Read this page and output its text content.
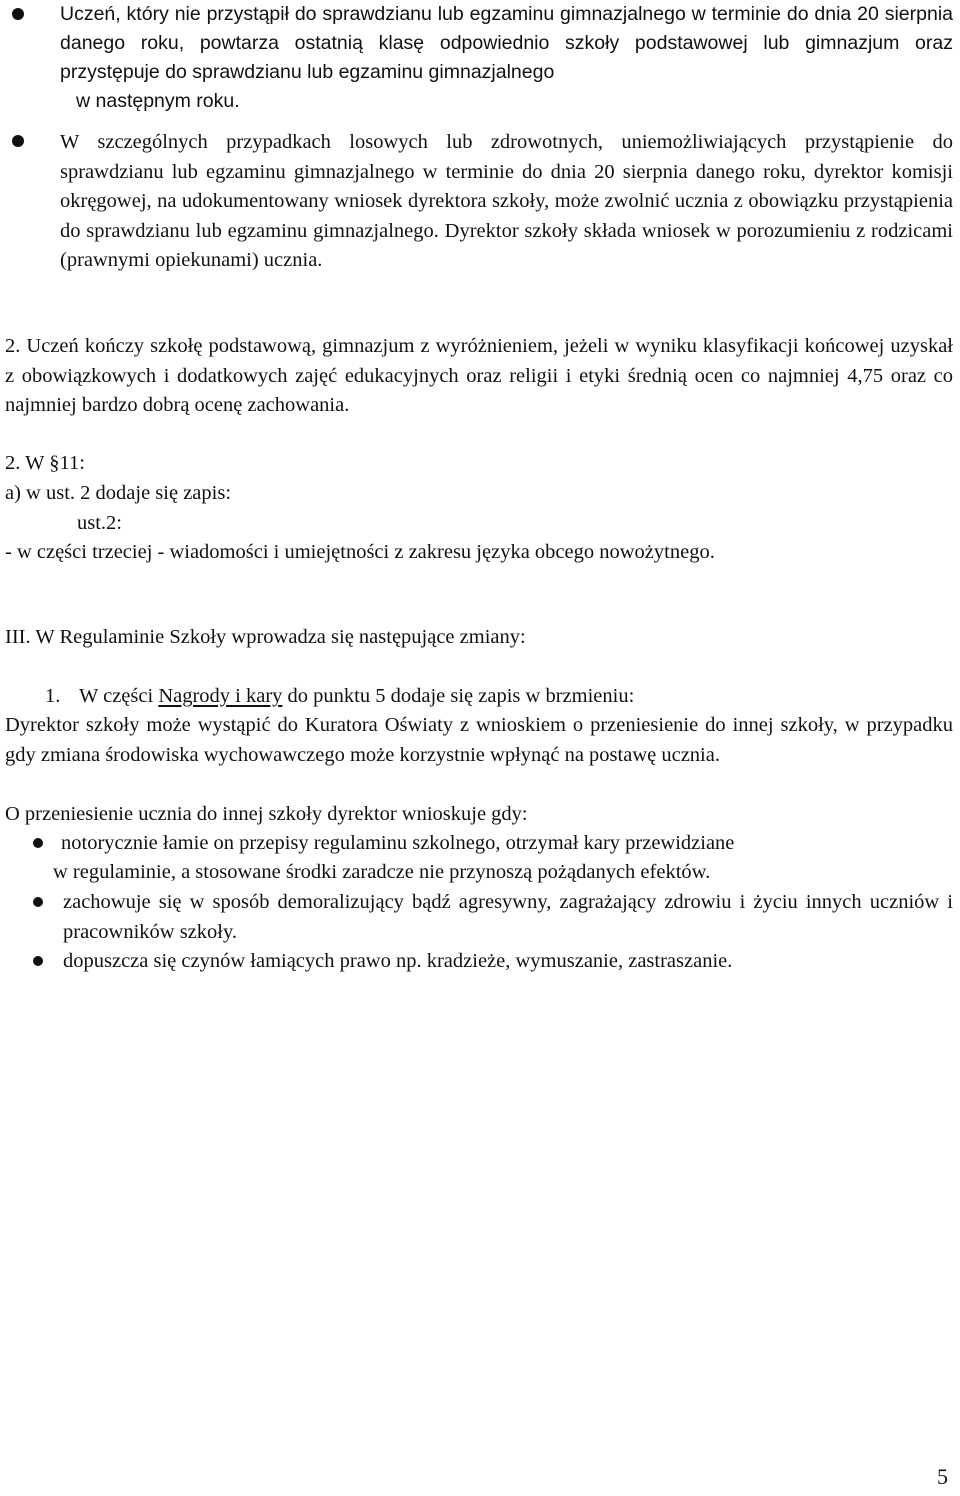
Uczeń, który nie przystąpił do sprawdzianu lub egzaminu gimnazjalnego w terminie do dnia 20 sierpnia danego roku, powtarza ostatnią klasę odpowiednio szkoły podstawowej lub gimnazjum oraz przystępuje do sprawdzianu lub egzaminu gimnazjalnego

w następnym roku.

W szczególnych przypadkach losowych lub zdrowotnych, uniemożliwiających przystąpienie do sprawdzianu lub egzaminu gimnazjalnego w terminie do dnia 20 sierpnia danego roku, dyrektor komisji okręgowej, na udokumentowany wniosek dyrektora szkoły, może zwolnić ucznia z obowiązku przystąpienia do sprawdzianu lub egzaminu gimnazjalnego. Dyrektor szkoły składa wniosek w porozumieniu z rodzicami (prawnymi opiekunami) ucznia.

2. Uczeń kończy szkołę podstawową, gimnazjum z wyróżnieniem, jeżeli w wyniku klasyfikacji końcowej uzyskał z obowiązkowych i dodatkowych zajęć edukacyjnych oraz religii i etyki średnią ocen co najmniej 4,75 oraz co najmniej bardzo dobrą ocenę zachowania.

2. W §11:

a) w ust. 2 dodaje się zapis:

ust.2:

- w części trzeciej - wiadomości i umiejętności z zakresu języka obcego nowożytnego.

III. W Regulaminie Szkoły wprowadza się następujące zmiany:

1. W części Nagrody i kary do punktu 5 dodaje się zapis w brzmieniu:

Dyrektor szkoły może wystąpić do Kuratora Oświaty z wnioskiem o przeniesienie do innej szkoły, w przypadku gdy zmiana środowiska wychowawczego może korzystnie wpłynąć na postawę ucznia.

O przeniesienie ucznia do innej szkoły dyrektor wnioskuje gdy:

notorycznie łamie on przepisy regulaminu szkolnego, otrzymał kary przewidziane

w regulaminie, a stosowane środki zaradcze nie przynoszą pożądanych efektów.

zachowuje się w sposób demoralizujący bądź agresywny, zagrażający zdrowiu i życiu innych uczniów i pracowników szkoły.

dopuszcza się czynów łamiących prawo np. kradzieże, wymuszanie, zastraszanie.

5
